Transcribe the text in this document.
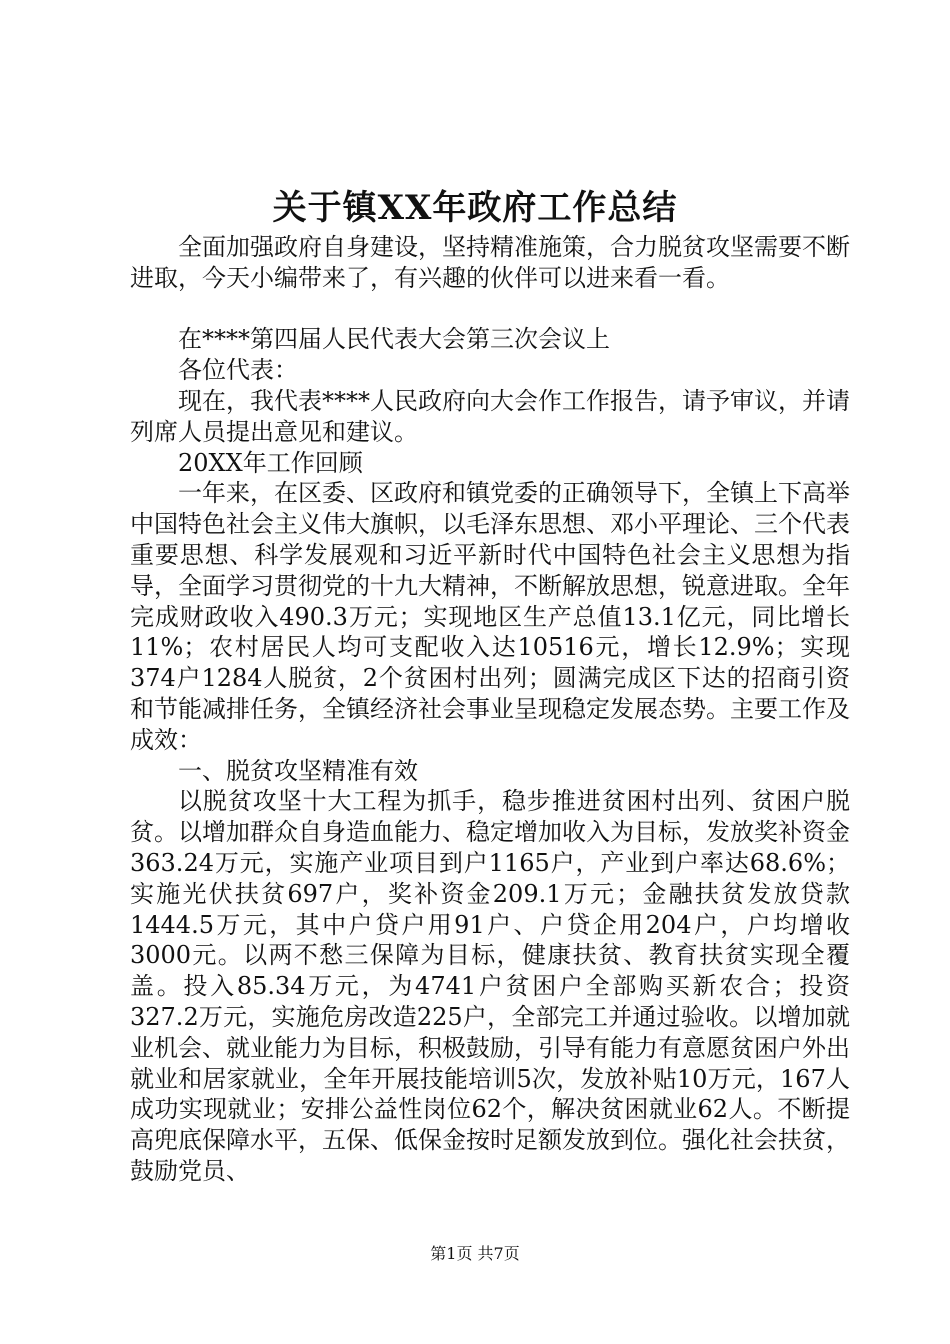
关于镇XX年政府工作总结

全面加强政府自身建设，坚持精准施策，合力脱贫攻坚需要不断进取，今天小编带来了，有兴趣的伙伴可以进来看一看。

在****第四届人民代表大会第三次会议上

各位代表：

现在，我代表****人民政府向大会作工作报告，请予审议，并请列席人员提出意见和建议。

20XX年工作回顾

一年来，在区委、区政府和镇党委的正确领导下，全镇上下高举中国特色社会主义伟大旗帜，以毛泽东思想、邓小平理论、三个代表重要思想、科学发展观和习近平新时代中国特色社会主义思想为指导，全面学习贯彻党的十九大精神，不断解放思想，锐意进取。全年完成财政收入490.3万元；实现地区生产总值13.1亿元，同比增长11%；农村居民人均可支配收入达10516元，增长12.9%；实现374户1284人脱贫，2个贫困村出列；圆满完成区下达的招商引资和节能减排任务，全镇经济社会事业呈现稳定发展态势。主要工作及成效：

一、脱贫攻坚精准有效

以脱贫攻坚十大工程为抓手，稳步推进贫困村出列、贫困户脱贫。以增加群众自身造血能力、稳定增加收入为目标，发放奖补资金363.24万元，实施产业项目到户1165户，产业到户率达68.6%；实施光伏扶贫697户，奖补资金209.1万元；金融扶贫发放贷款1444.5万元，其中户贷户用91户、户贷企用204户，户均增收3000元。以两不愁三保障为目标，健康扶贫、教育扶贫实现全覆盖。投入85.34万元，为4741户贫困户全部购买新农合；投资327.2万元，实施危房改造225户，全部完工并通过验收。以增加就业机会、就业能力为目标，积极鼓励，引导有能力有意愿贫困户外出就业和居家就业，全年开展技能培训5次，发放补贴10万元，167人成功实现就业；安排公益性岗位62个，解决贫困就业62人。不断提高兜底保障水平，五保、低保金按时足额发放到位。强化社会扶贫，鼓励党员、

第1页 共7页
